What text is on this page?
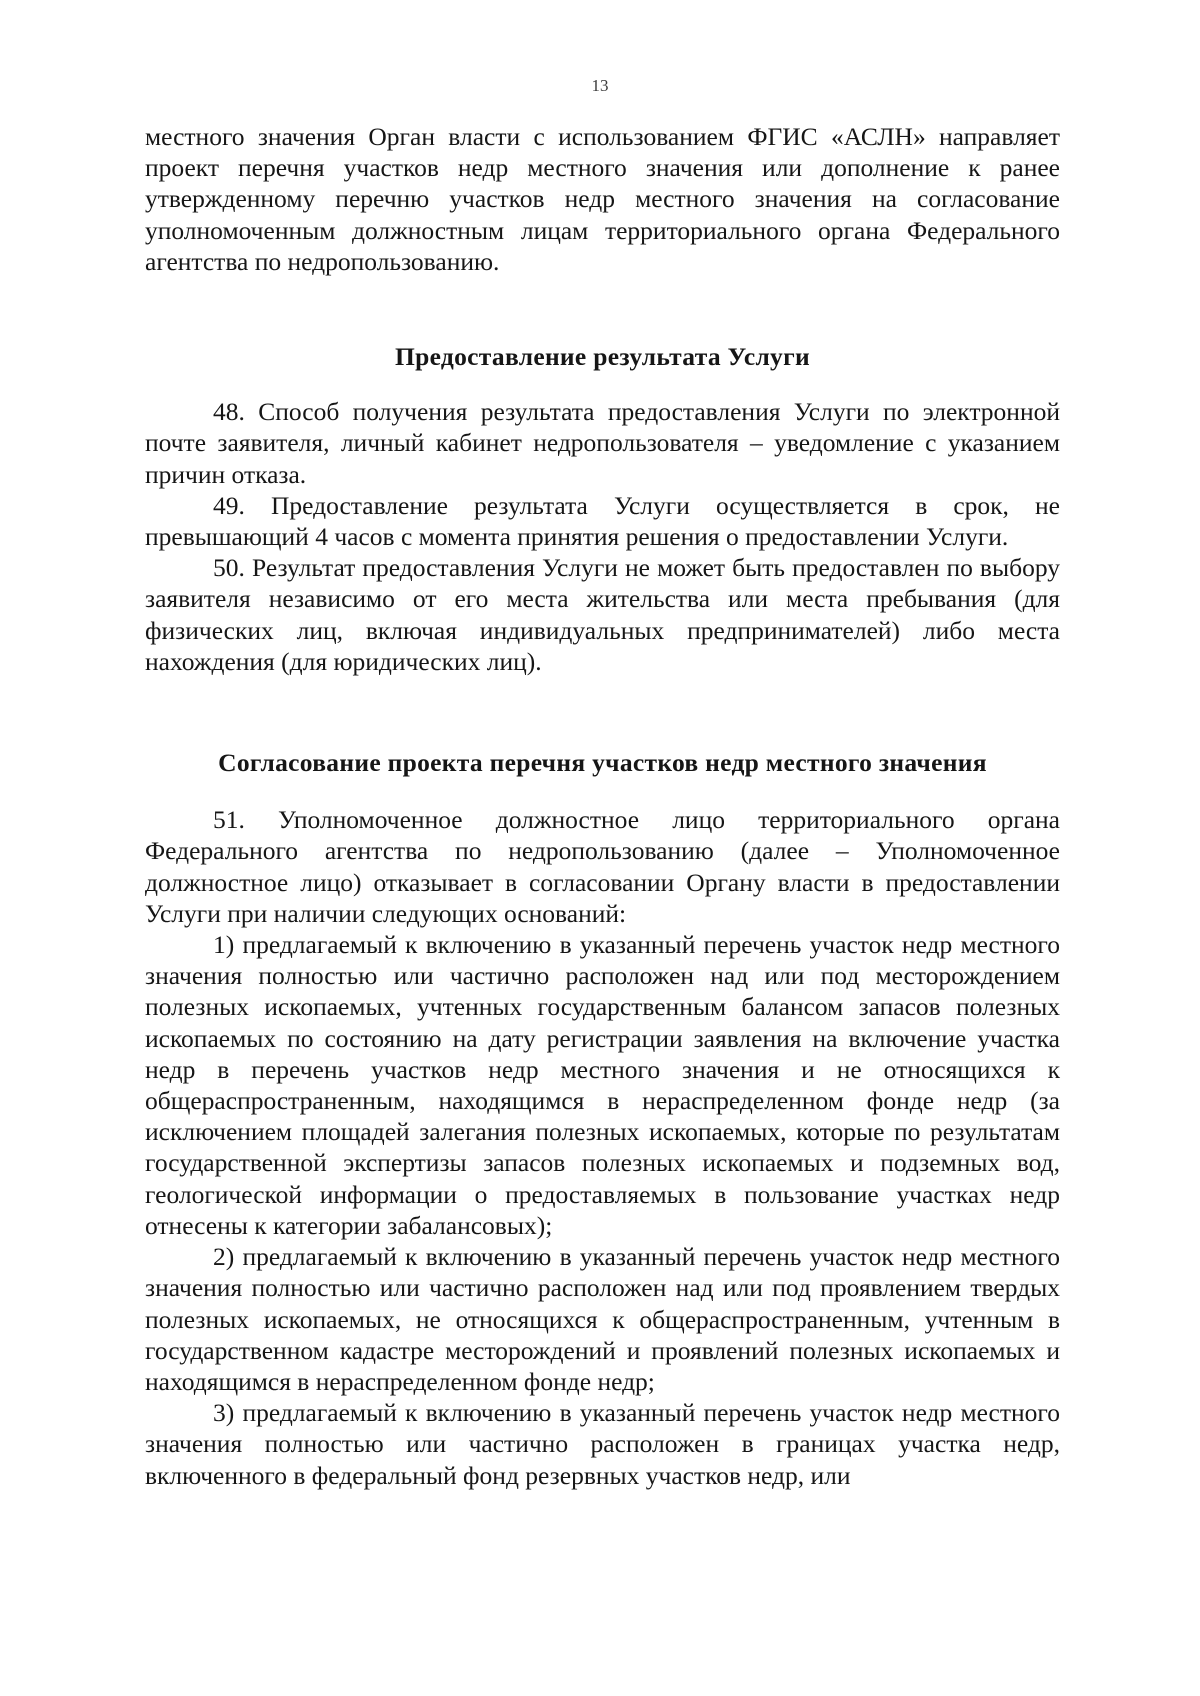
13

местного значения Орган власти с использованием ФГИС «АСЛН» направляет проект перечня участков недр местного значения или дополнение к ранее утвержденному перечню участков недр местного значения на согласование уполномоченным должностным лицам территориального органа Федерального агентства по недропользованию.

Предоставление результата Услуги

48. Способ получения результата предоставления Услуги по электронной почте заявителя, личный кабинет недропользователя – уведомление с указанием причин отказа.

49. Предоставление результата Услуги осуществляется в срок, не превышающий 4 часов с момента принятия решения о предоставлении Услуги.

50. Результат предоставления Услуги не может быть предоставлен по выбору заявителя независимо от его места жительства или места пребывания (для физических лиц, включая индивидуальных предпринимателей) либо места нахождения (для юридических лиц).

Согласование проекта перечня участков недр местного значения

51. Уполномоченное должностное лицо территориального органа Федерального агентства по недропользованию (далее – Уполномоченное должностное лицо) отказывает в согласовании Органу власти в предоставлении Услуги при наличии следующих оснований:

1) предлагаемый к включению в указанный перечень участок недр местного значения полностью или частично расположен над или под месторождением полезных ископаемых, учтенных государственным балансом запасов полезных ископаемых по состоянию на дату регистрации заявления на включение участка недр в перечень участков недр местного значения и не относящихся к общераспространенным, находящимся в нераспределенном фонде недр (за исключением площадей залегания полезных ископаемых, которые по результатам государственной экспертизы запасов полезных ископаемых и подземных вод, геологической информации о предоставляемых в пользование участках недр отнесены к категории забалансовых);

2) предлагаемый к включению в указанный перечень участок недр местного значения полностью или частично расположен над или под проявлением твердых полезных ископаемых, не относящихся к общераспространенным, учтенным в государственном кадастре месторождений и проявлений полезных ископаемых и находящимся в нераспределенном фонде недр;

3) предлагаемый к включению в указанный перечень участок недр местного значения полностью или частично расположен в границах участка недр, включенного в федеральный фонд резервных участков недр, или
